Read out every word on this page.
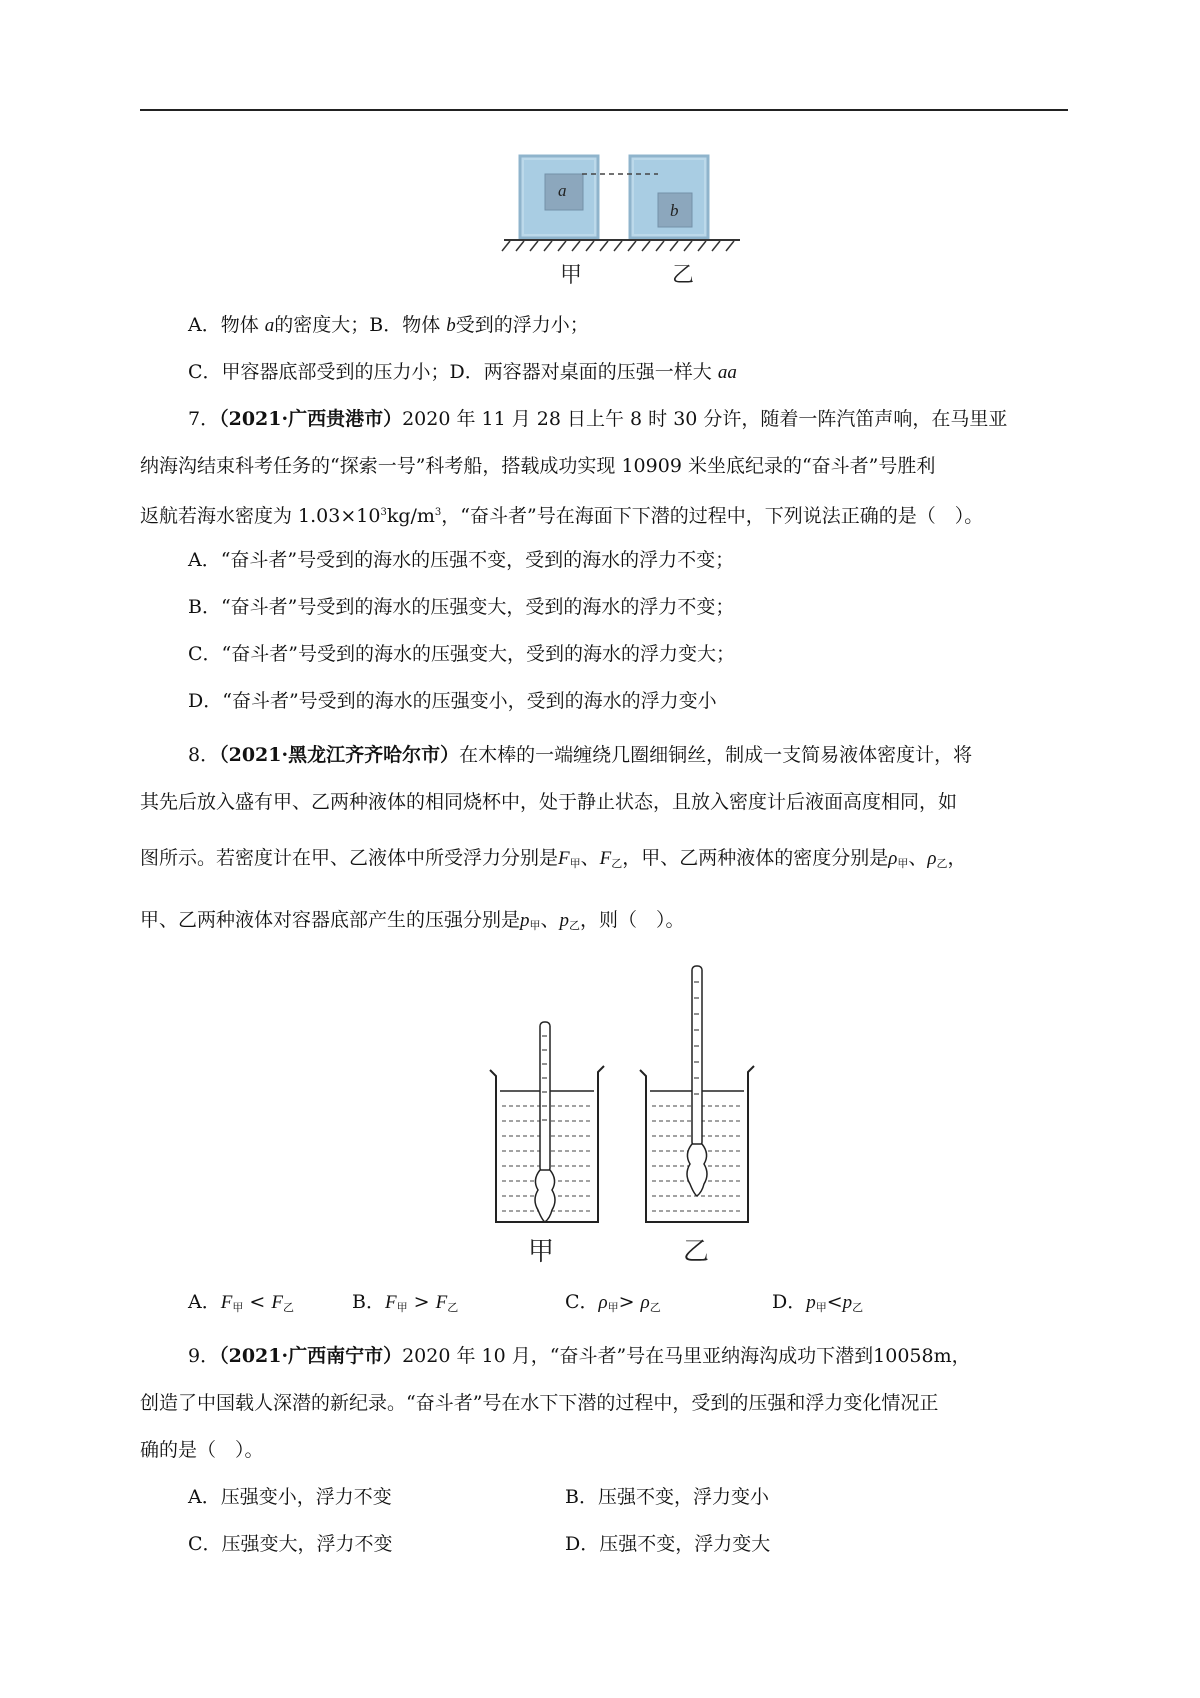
a
b
甲	乙
A．物体 a的密度大；B．物体 b受到的浮力小；
C．甲容器底部受到的压力小；D．两容器对桌面的压强一样大 aa
7．（2021·广西贵港市）2020 年 11 月 28 日上午 8 时 30 分许，随着一阵汽笛声响，在马里亚
纳海沟结束科考任务的“探索一号”科考船，搭载成功实现 10909 米坐底纪录的“奋斗者”号胜利
返航若海水密度为 $1.03\times 10^3kg/m^3$，“奋斗者”号在海面下下潜的过程中，下列说法正确的是（　）。
A．“奋斗者”号受到的海水的压强不变，受到的海水的浮力不变；
B．“奋斗者”号受到的海水的压强变大，受到的海水的浮力不变；
C．“奋斗者”号受到的海水的压强变大，受到的海水的浮力变大；
D．“奋斗者”号受到的海水的压强变小，受到的海水的浮力变小
8．（2021·黑龙江齐齐哈尔市）在木棒的一端缠绕几圈细铜丝，制成一支简易液体密度计，将
其先后放入盛有甲、乙两种液体的相同烧杯中，处于静止状态，且放入密度计后液面高度相同，如
图所示。若密度计在甲、乙液体中所受浮力分别是$F_甲$、$F_乙$，甲、乙两种液体的密度分别是$\rho_甲$、$\rho_乙$，
甲、乙两种液体对容器底部产生的压强分别是$p_甲$、$p_乙$，则（　）。
甲	乙
A．$F_甲 < F_乙$	B．$F_甲 > F_乙$	C．$\rho_甲> \rho_乙$	D．$p_甲<p_乙$
9．（2021·广西南宁市）2020 年 10 月，“奋斗者”号在马里亚纳海沟成功下潜到10058m，
创造了中国载人深潜的新纪录。“奋斗者”号在水下下潜的过程中，受到的压强和浮力变化情况正
确的是（　）。
A．压强变小，浮力不变	B．压强不变，浮力变小
C．压强变大，浮力不变	D．压强不变，浮力变大
